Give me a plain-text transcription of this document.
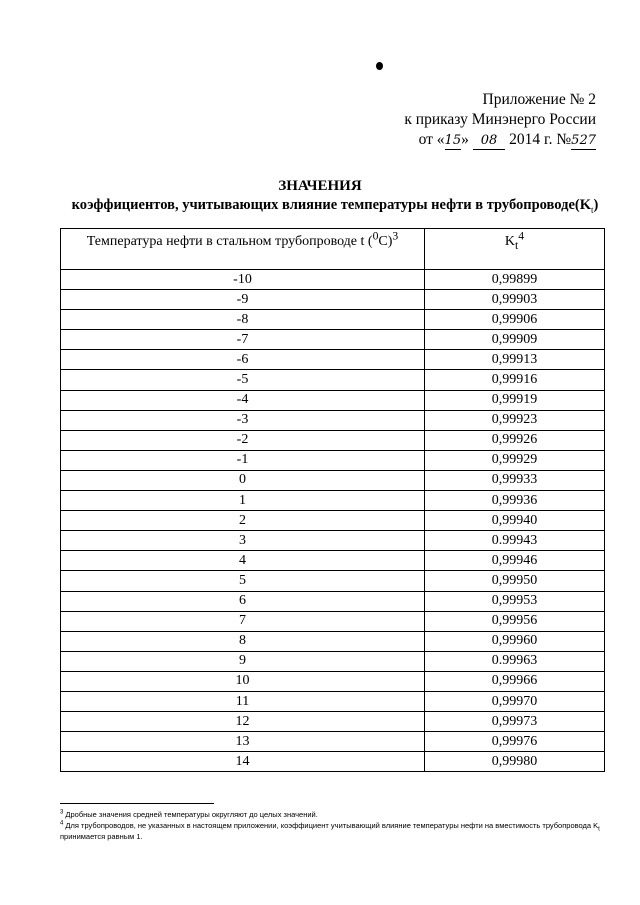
Приложение № 2
к приказу Минэнерго России
от «15» 08 2014 г. №527
ЗНАЧЕНИЯ
коэффициентов, учитывающих влияние температуры нефти в $трубопроводе(K_t)$
Температура нефти в стальном трубопроводе t $(^0C)^3$	$K_t^4$
-10	0,99899
-9	0,99903
-8	0,99906
-7	0,99909
-6	0,99913
-5	0,99916
-4	0,99919
-3	0,99923
-2	0,99926
-1	0,99929
0	0,99933
1	0,99936
2	0,99940
3	0.99943
4	0,99946
5	0,99950
6	0,99953
7	0,99956
8	0,99960
9	0.99963
10	0,99966
11	0,99970
12	0,99973
13	0,99976
14	0,99980

$^3$ Дробные значения средней температуры округляют до целых значений.

$^4$ Для трубопроводов, не указанных в настоящем приложении, коэффициент учитывающий влияние температуры нефти на вместимость трубопровода $K_t$ принимается равным 1.
